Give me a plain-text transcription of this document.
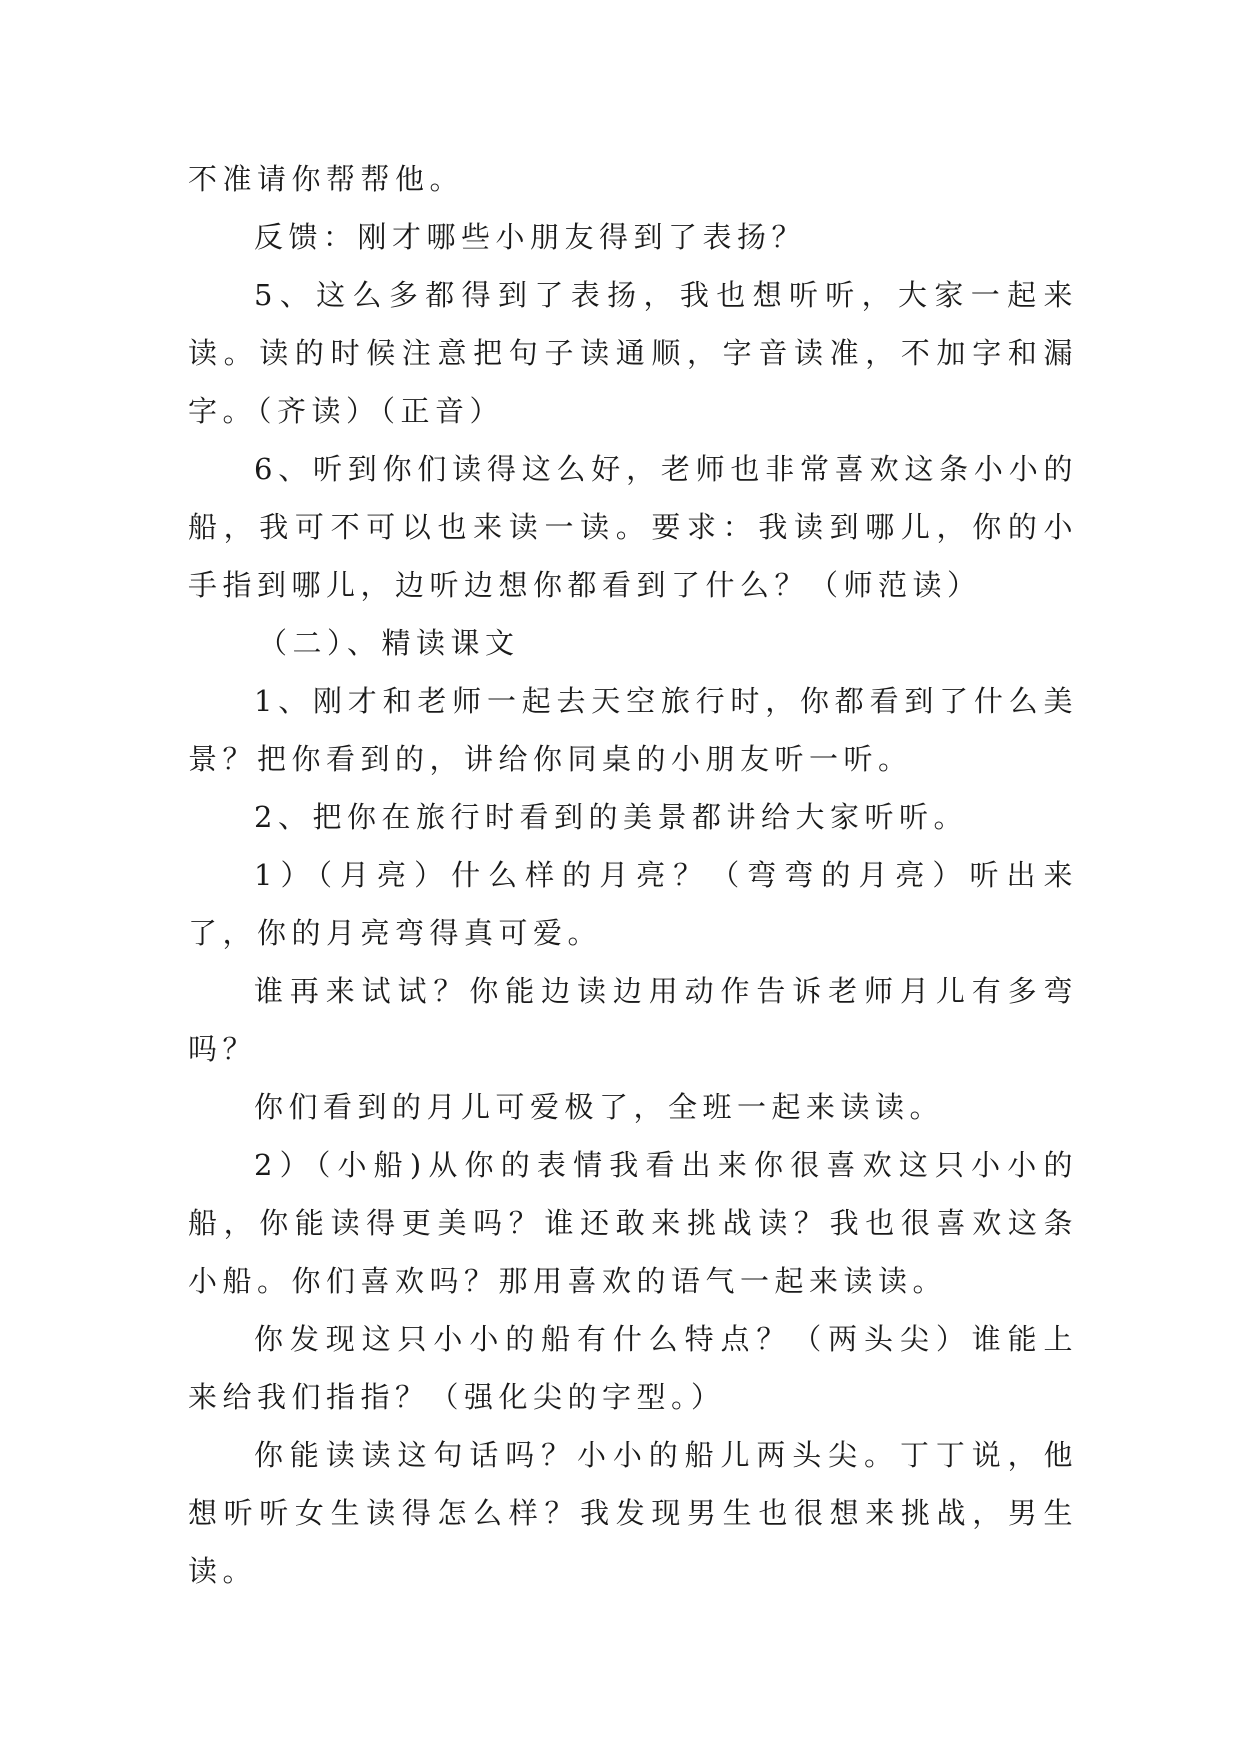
不准请你帮帮他。

反馈：刚才哪些小朋友得到了表扬？

5、这么多都得到了表扬，我也想听听，大家一起来读。读的时候注意把句子读通顺，字音读准，不加字和漏字。（齐读）（正音）

6、听到你们读得这么好，老师也非常喜欢这条小小的船，我可不可以也来读一读。要求：我读到哪儿，你的小手指到哪儿，边听边想你都看到了什么？（师范读）

（二）、精读课文

1、刚才和老师一起去天空旅行时，你都看到了什么美景？把你看到的，讲给你同桌的小朋友听一听。

2、把你在旅行时看到的美景都讲给大家听听。

1）（月亮）什么样的月亮？（弯弯的月亮）听出来了，你的月亮弯得真可爱。

谁再来试试？你能边读边用动作告诉老师月儿有多弯吗？

你们看到的月儿可爱极了，全班一起来读读。

2）（小船)从你的表情我看出来你很喜欢这只小小的船，你能读得更美吗？谁还敢来挑战读？我也很喜欢这条小船。你们喜欢吗？那用喜欢的语气一起来读读。

你发现这只小小的船有什么特点？（两头尖）谁能上来给我们指指？（强化尖的字型。）

你能读读这句话吗？小小的船儿两头尖。丁丁说，他想听听女生读得怎么样？我发现男生也很想来挑战，男生读。
